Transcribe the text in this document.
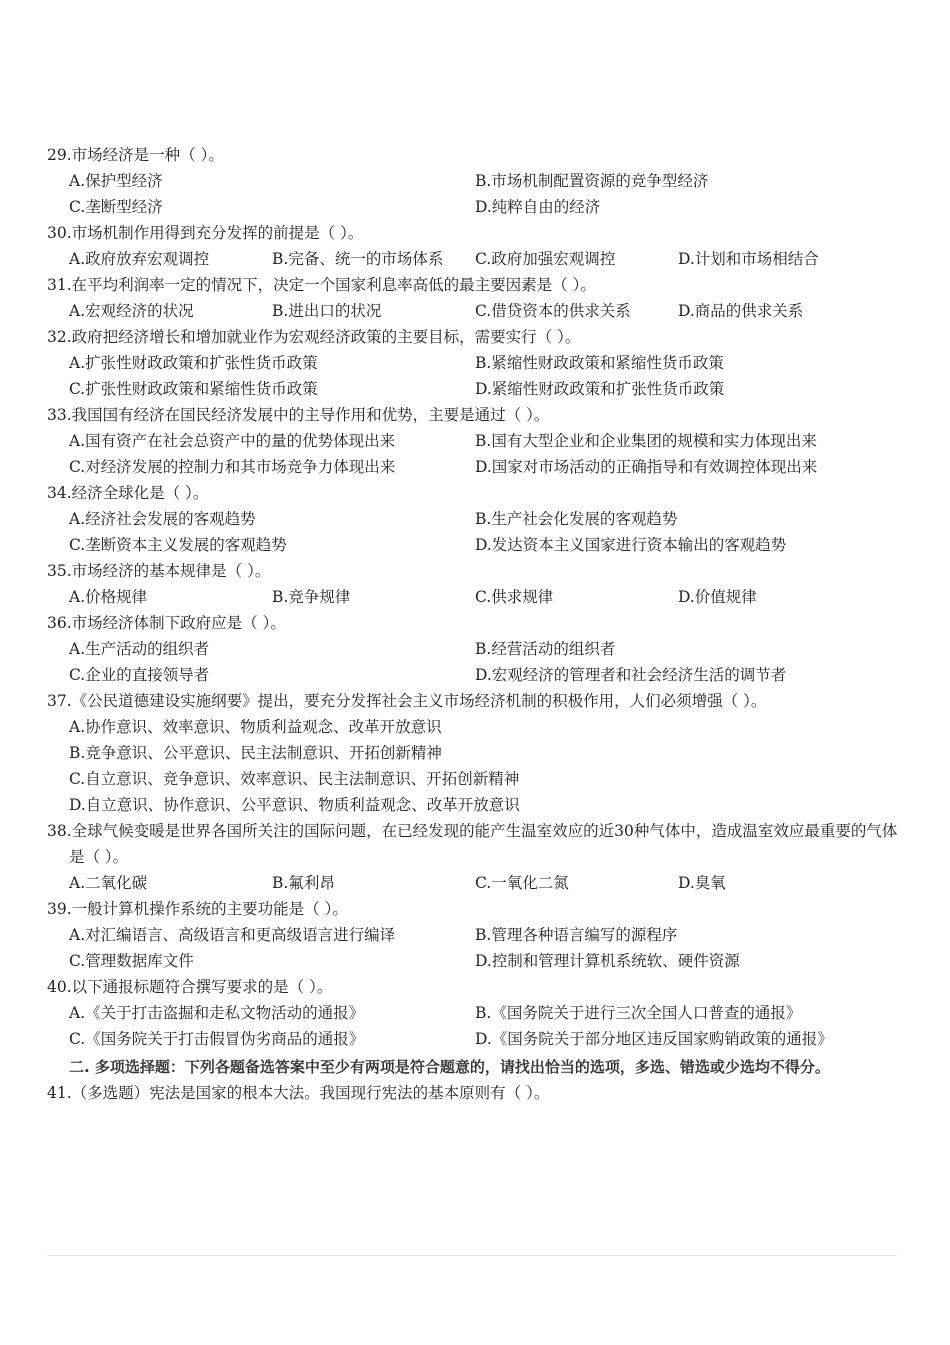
29.市场经济是一种（ ）。
A.保护型经济	B.市场机制配置资源的竞争型经济
C.垄断型经济	D.纯粹自由的经济
30.市场机制作用得到充分发挥的前提是（ ）。
A.政府放弃宏观调控	B.完备、统一的市场体系	C.政府加强宏观调控	D.计划和市场相结合
31.在平均利润率一定的情况下，决定一个国家利息率高低的最主要因素是（ ）。
A.宏观经济的状况	B.进出口的状况	C.借贷资本的供求关系	D.商品的供求关系
32.政府把经济增长和增加就业作为宏观经济政策的主要目标，需要实行（ ）。
A.扩张性财政政策和扩张性货币政策	B.紧缩性财政政策和紧缩性货币政策
C.扩张性财政政策和紧缩性货币政策	D.紧缩性财政政策和扩张性货币政策
33.我国国有经济在国民经济发展中的主导作用和优势，主要是通过（ ）。
A.国有资产在社会总资产中的量的优势体现出来	B.国有大型企业和企业集团的规模和实力体现出来
C.对经济发展的控制力和其市场竞争力体现出来	D.国家对市场活动的正确指导和有效调控体现出来
34.经济全球化是（ ）。
A.经济社会发展的客观趋势	B.生产社会化发展的客观趋势
C.垄断资本主义发展的客观趋势	D.发达资本主义国家进行资本输出的客观趋势
35.市场经济的基本规律是（ ）。
A.价格规律	B.竞争规律	C.供求规律	D.价值规律
36.市场经济体制下政府应是（ ）。
A.生产活动的组织者	B.经营活动的组织者
C.企业的直接领导者	D.宏观经济的管理者和社会经济生活的调节者
37.《公民道德建设实施纲要》提出，要充分发挥社会主义市场经济机制的积极作用，人们必须增强（ ）。
A.协作意识、效率意识、物质利益观念、改革开放意识
B.竞争意识、公平意识、民主法制意识、开拓创新精神
C.自立意识、竞争意识、效率意识、民主法制意识、开拓创新精神
D.自立意识、协作意识、公平意识、物质利益观念、改革开放意识
38.全球气候变暖是世界各国所关注的国际问题，在已经发现的能产生温室效应的近30种气体中，造成温室效应最重要的气体是（ ）。
A.二氧化碳	B.氟利昂	C.一氧化二氮	D.臭氧
39.一般计算机操作系统的主要功能是（ ）。
A.对汇编语言、高级语言和更高级语言进行编译	B.管理各种语言编写的源程序
C.管理数据库文件	D.控制和管理计算机系统软、硬件资源
40.以下通报标题符合撰写要求的是（ ）。
A.《关于打击盗掘和走私文物活动的通报》	B.《国务院关于进行三次全国人口普查的通报》
C.《国务院关于打击假冒伪劣商品的通报》	D.《国务院关于部分地区违反国家购销政策的通报》
二. 多项选择题：下列各题备选答案中至少有两项是符合题意的，请找出恰当的选项，多选、错选或少选均不得分。
41.（多选题）宪法是国家的根本大法。我国现行宪法的基本原则有（ ）。
